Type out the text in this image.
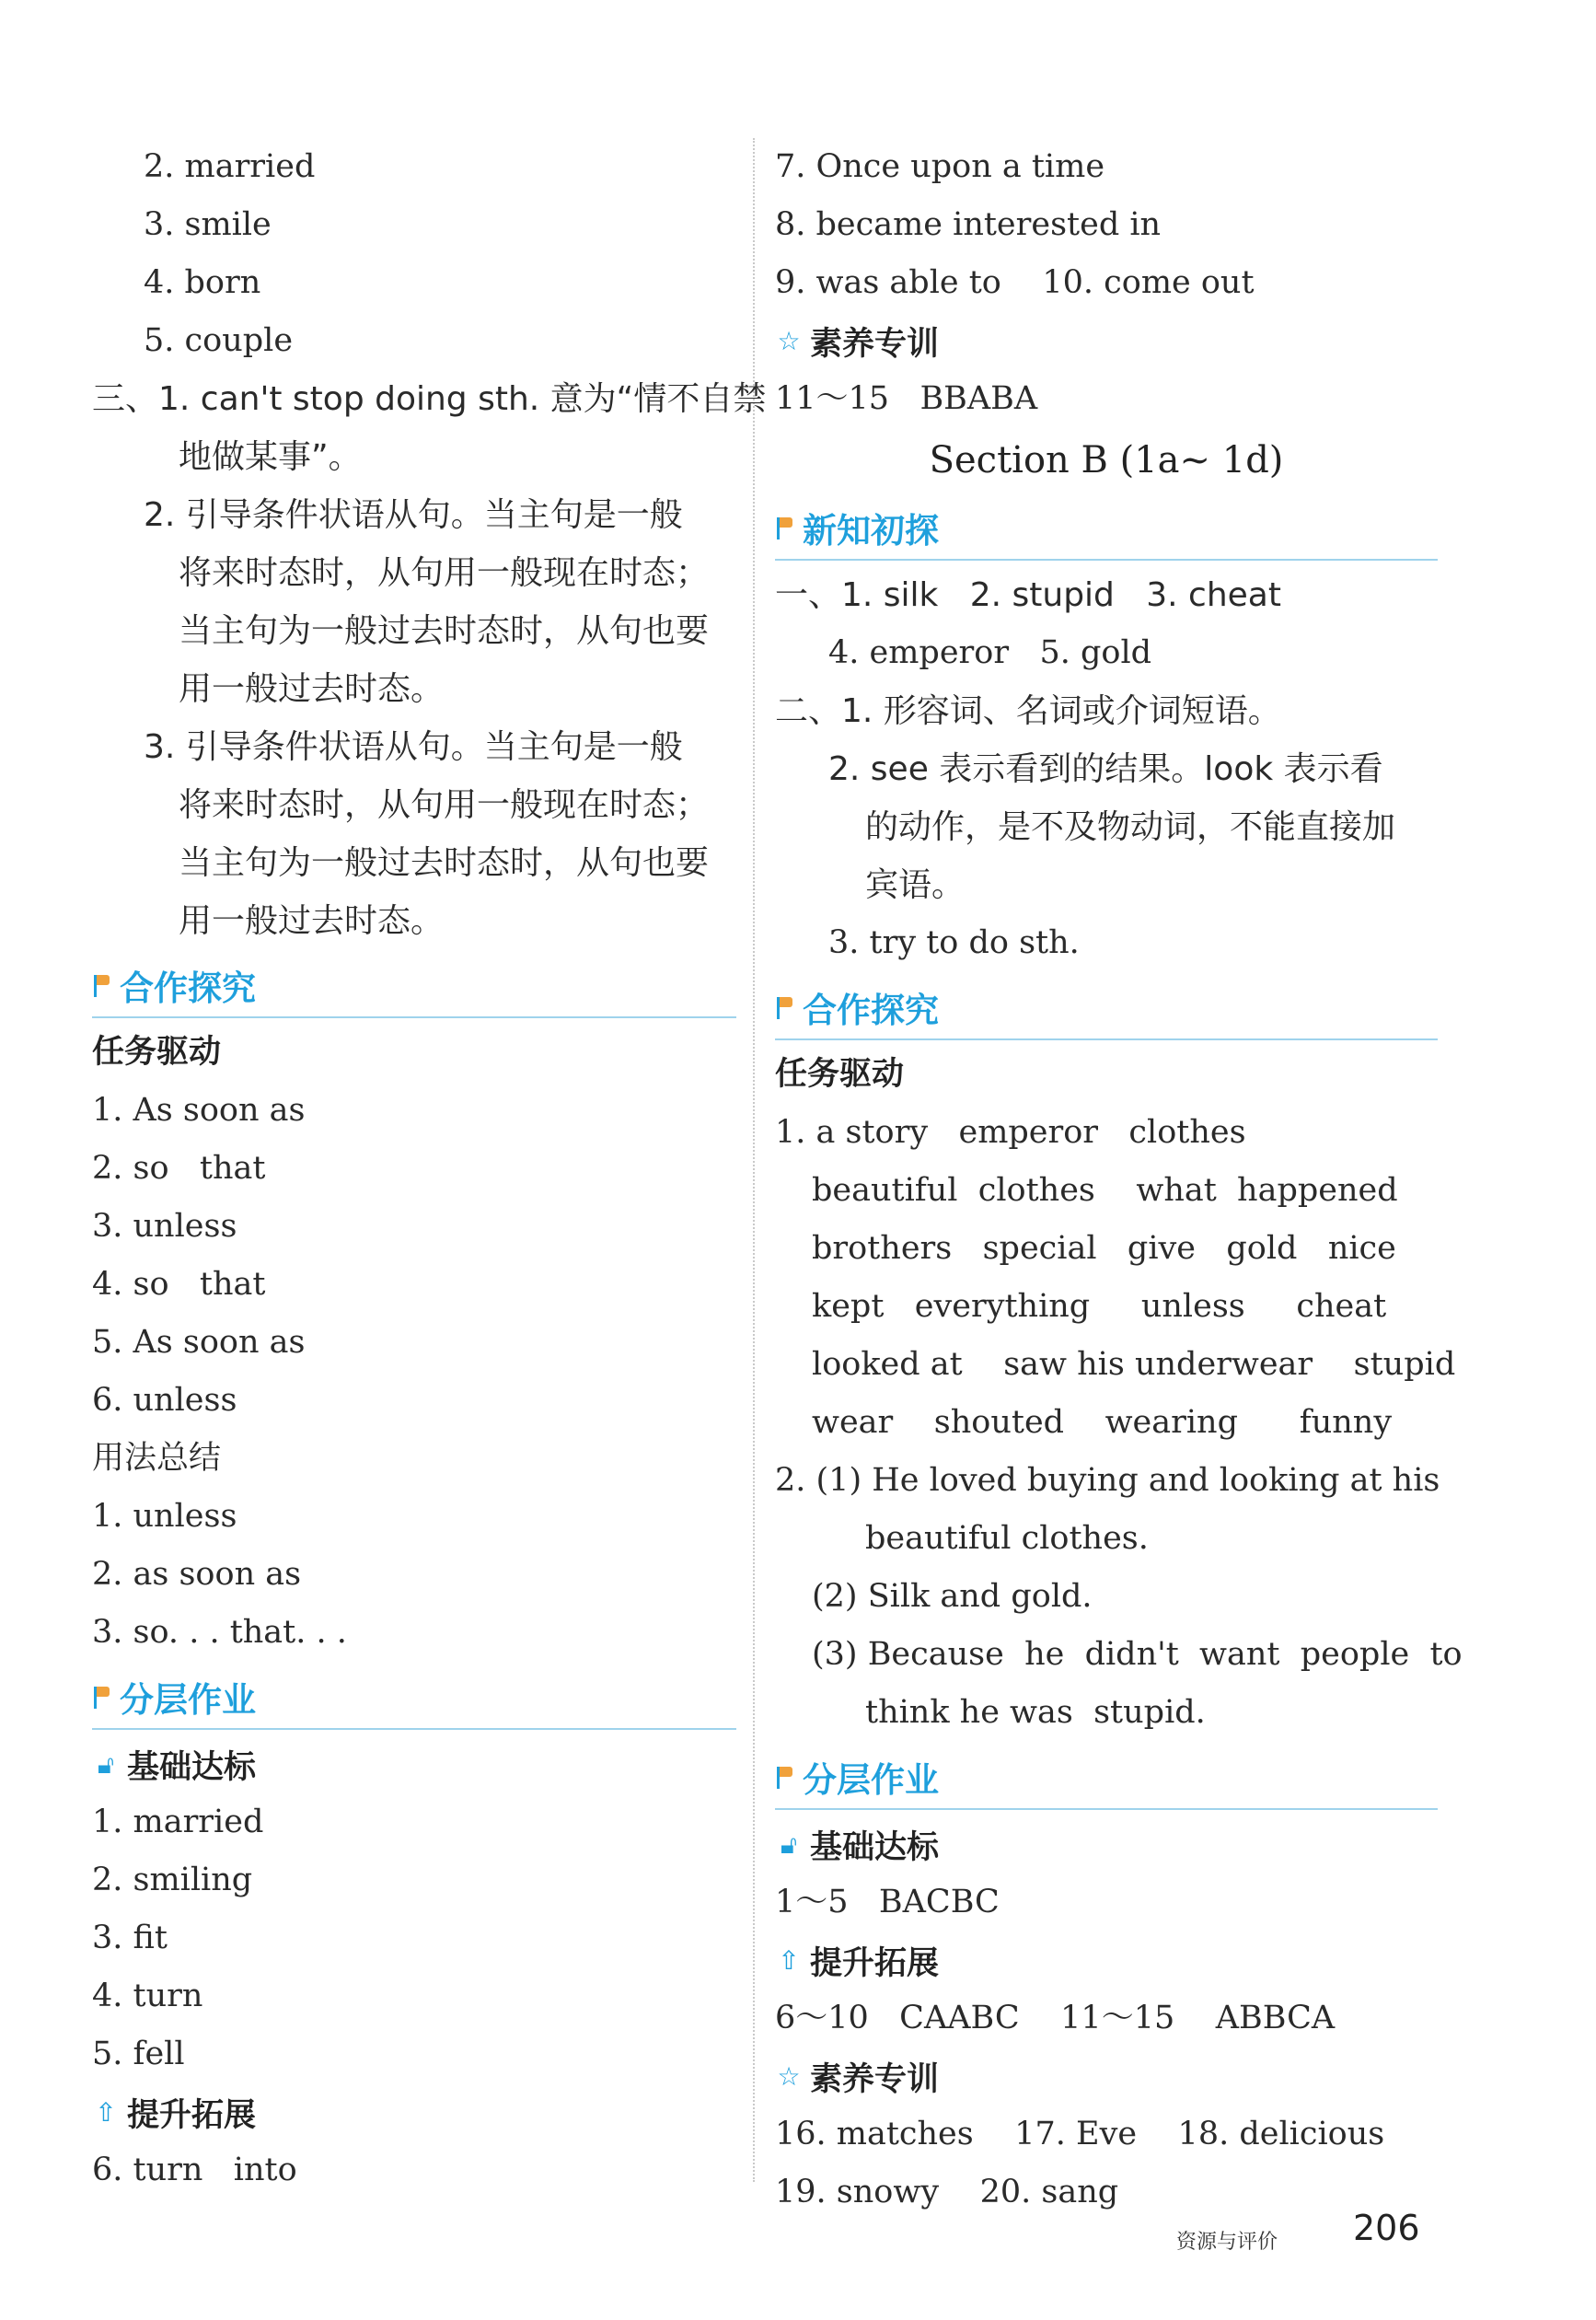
2. married
3. smile
4. born
5. couple
三、1. can't stop doing sth. 意为“情不自禁
地做某事”。
2. 引导条件状语从句。当主句是一般
将来时态时，从句用一般现在时态；
当主句为一般过去时态时，从句也要
用一般过去时态。
3. 引导条件状语从句。当主句是一般
将来时态时，从句用一般现在时态；
当主句为一般过去时态时，从句也要
用一般过去时态。
合作探究
任务驱动
1. As soon as
2. so   that
3. unless
4. so   that
5. As soon as
6. unless
用法总结
1. unless
2. as soon as
3. so. . . that. . .
分层作业
🔓︎ 基础达标
1. married
2. smiling
3. fit
4. turn
5. fell
⇧ 提升拓展
6. turn   into
7. Once upon a time
8. became interested in
9. was able to    10. come out
☆ 素养专训
11～15   BBABA
Section B (1a~ 1d)
新知初探
一、1. silk   2. stupid   3. cheat
4. emperor   5. gold
二、1. 形容词、名词或介词短语。
2. see 表示看到的结果。look 表示看
的动作，是不及物动词，不能直接加
宾语。
3. try to do sth.
合作探究
任务驱动
1. a story   emperor   clothes
beautiful  clothes    what  happened
brothers   special   give   gold   nice
kept   everything     unless     cheat
looked at    saw his underwear    stupid
wear    shouted    wearing      funny
2. (1) He loved buying and looking at his
beautiful clothes.
(2) Silk and gold.
(3) Because  he  didn't  want  people  to
think he was  stupid.
分层作业
🔓︎ 基础达标
1～5   BACBC
⇧ 提升拓展
6～10   CAABC    11～15    ABBCA
☆ 素养专训
16. matches    17. Eve    18. delicious
19. snowy    20. sang
资源与评价 206
